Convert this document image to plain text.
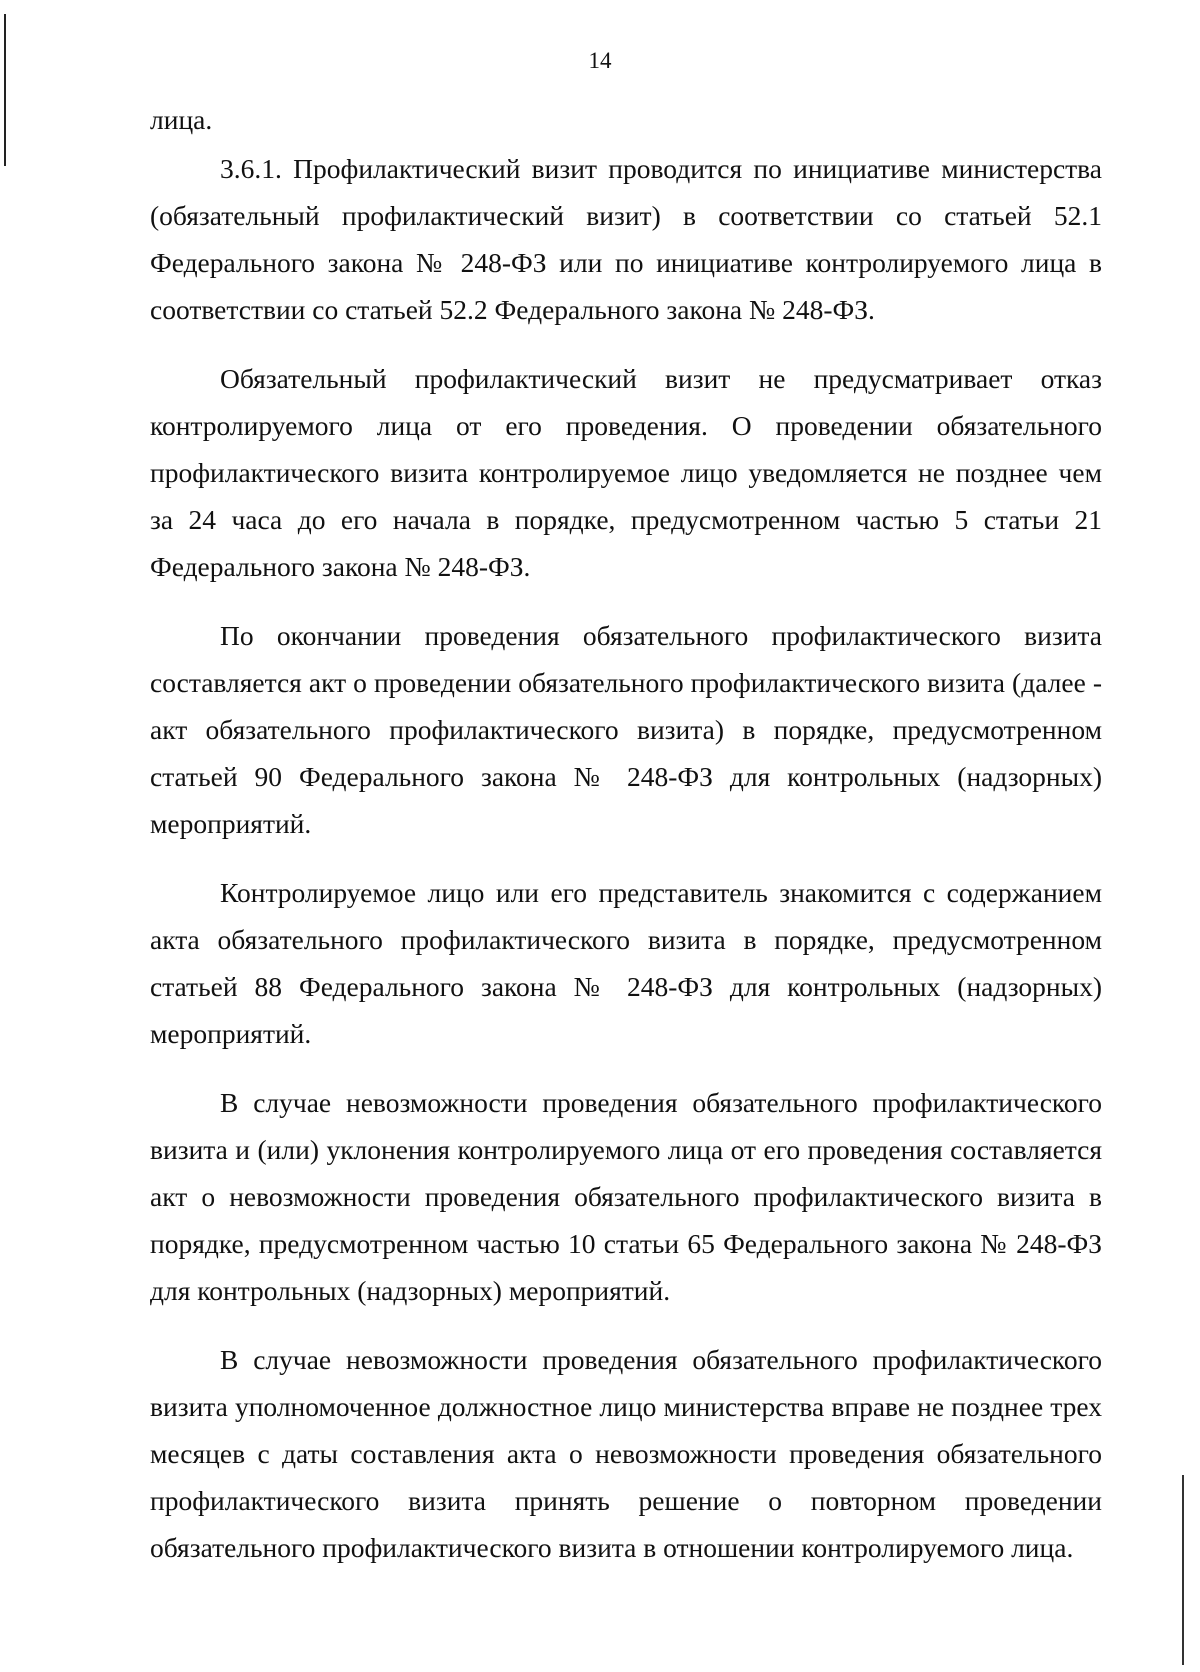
14

лица.

3.6.1. Профилактический визит проводится по инициативе министерства (обязательный профилактический визит) в соответствии со статьей 52.1 Федерального закона № 248-ФЗ или по инициативе контролируемого лица в соответствии со статьей 52.2 Федерального закона № 248-ФЗ.

Обязательный профилактический визит не предусматривает отказ контролируемого лица от его проведения. О проведении обязательного профилактического визита контролируемое лицо уведомляется не позднее чем за 24 часа до его начала в порядке, предусмотренном частью 5 статьи 21 Федерального закона № 248-ФЗ.

По окончании проведения обязательного профилактического визита составляется акт о проведении обязательного профилактического визита (далее - акт обязательного профилактического визита) в порядке, предусмотренном статьей 90 Федерального закона № 248-ФЗ для контрольных (надзорных) мероприятий.

Контролируемое лицо или его представитель знакомится с содержанием акта обязательного профилактического визита в порядке, предусмотренном статьей 88 Федерального закона № 248-ФЗ для контрольных (надзорных) мероприятий.

В случае невозможности проведения обязательного профилактического визита и (или) уклонения контролируемого лица от его проведения составляется акт о невозможности проведения обязательного профилактического визита в порядке, предусмотренном частью 10 статьи 65 Федерального закона № 248-ФЗ для контрольных (надзорных) мероприятий.

В случае невозможности проведения обязательного профилактического визита уполномоченное должностное лицо министерства вправе не позднее трех месяцев с даты составления акта о невозможности проведения обязательного профилактического визита принять решение о повторном проведении обязательного профилактического визита в отношении контролируемого лица.
